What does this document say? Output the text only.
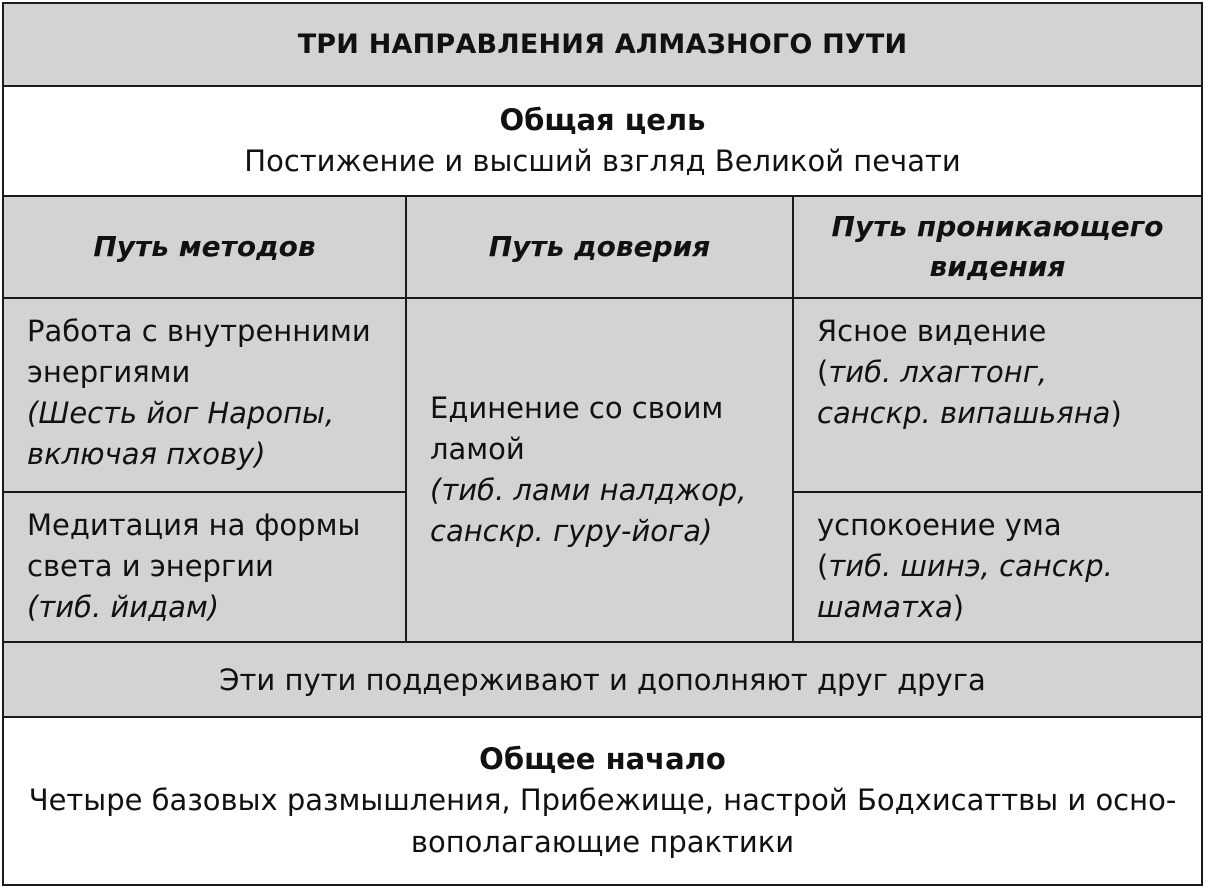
ТРИ НАПРАВЛЕНИЯ АЛМАЗНОГО ПУТИ
Общая цель
Постижение и высший взгляд Великой печати
Путь методов	Путь доверия
Путь проникающего видения
Работа с внутренними
энергиями
(Шесть йог Наропы,
включая пхову)
Медитация на формы
света и энергии
(тиб. йидам)
Единение со своим
ламой
(тиб. лами налджор,
санскр. гуру-йога)
Ясное видение
(тиб. лхагтонг,
санскр. випашьяна)
успокоение ума
(тиб. шинэ, санскр.
шаматха)
Эти пути поддерживают и дополняют друг друга
Общее начало
Четыре базовых размышления, Прибежище, настрой Бодхисаттвы и осно-
вополагающие практики
